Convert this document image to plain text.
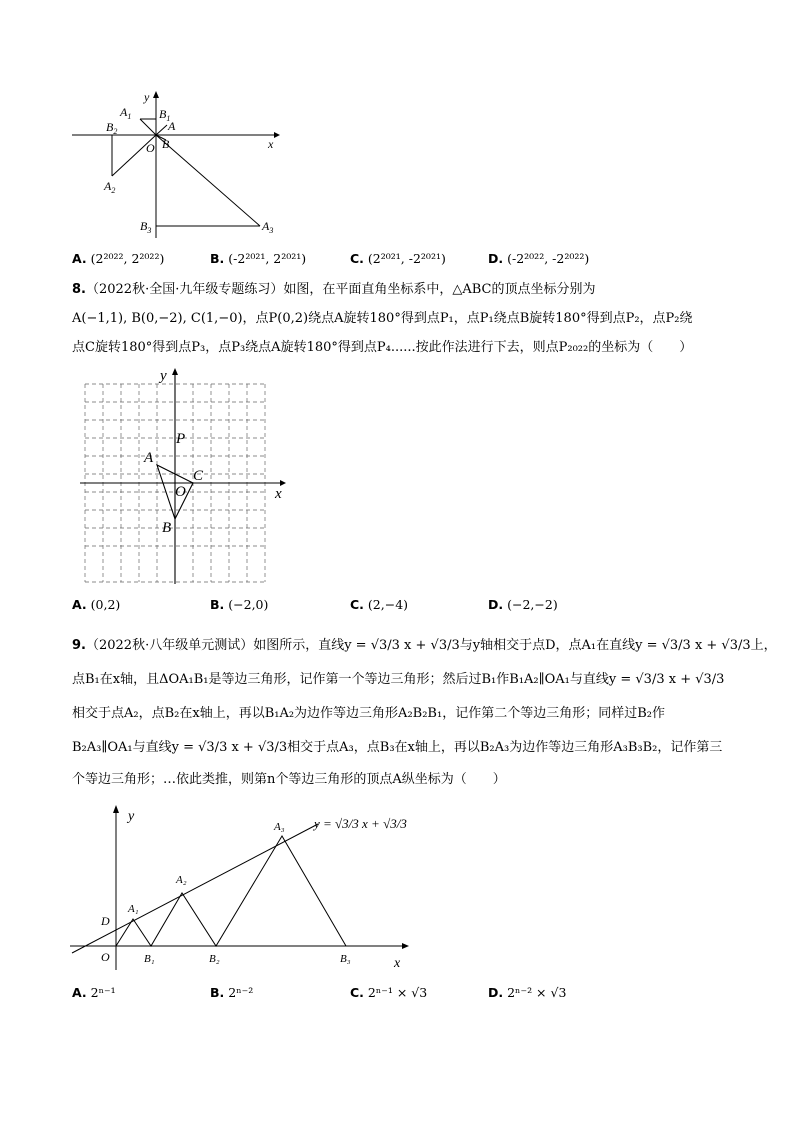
$A_1$
y
$B_1$
A
$B_2$
O B	x
$A_2$
$B_3$	$A_3$
A. (2²⁰²², 2²⁰²²)	B. (-2²⁰²¹, 2²⁰²¹)	C. (2²⁰²¹, -2²⁰²¹)	D. (-2²⁰²², -2²⁰²²)
8.（2022秋·全国·九年级专题练习）如图，在平面直角坐标系中，△ABC的顶点坐标分别为
A(−1,1), B(0,−2), C(1,−0)，点P(0,2)绕点A旋转180°得到点P₁，点P₁绕点B旋转180°得到点P₂，点P₂绕
点C旋转180°得到点P₃，点P₃绕点A旋转180°得到点P₄......按此作法进行下去，则点P₂₀₂₂的坐标为（　　）
y
P
A
C
O	x
B
A. (0,2)	B. (−2,0)	C. (2,−4)	D. (−2,−2)
9.（2022秋·八年级单元测试）如图所示，直线y = √3/3 x + √3/3与y轴相交于点D，点A₁在直线y = √3/3 x + √3/3上，
点B₁在x轴，且ΔOA₁B₁是等边三角形，记作第一个等边三角形；然后过B₁作B₁A₂∥OA₁与直线y = √3/3 x + √3/3
相交于点A₂，点B₂在x轴上，再以B₁A₂为边作等边三角形A₂B₂B₁，记作第二个等边三角形；同样过B₂作
B₂A₃∥OA₁与直线y = √3/3 x + √3/3相交于点A₃，点B₃在x轴上，再以B₂A₃为边作等边三角形A₃B₃B₂，记作第三
个等边三角形；…依此类推，则第n个等边三角形的顶点A纵坐标为（　　）
y	y = √3/3 x + √3/3
A₃
A₂
A₁
D
O	B₁	B₂	B₃	x
A. 2ⁿ⁻¹	B. 2ⁿ⁻²	C. 2ⁿ⁻¹ × √3	D. 2ⁿ⁻² × √3
